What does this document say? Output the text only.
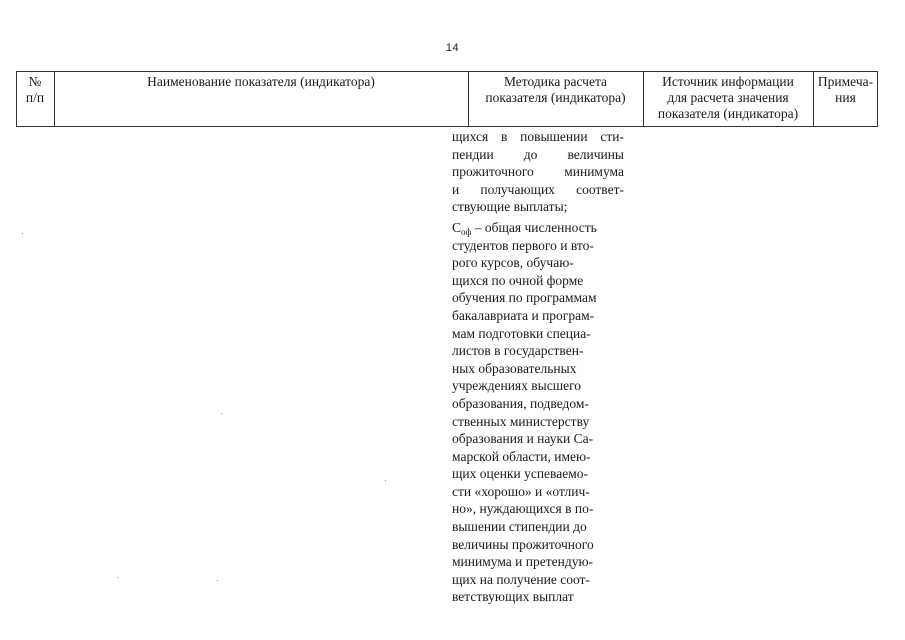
14
№
п/п
Наименование показателя (индикатора)	Методика расчета
показателя (индикатора)
Источник информации
для расчета значения
показателя (индикатора)
Примеча-
ния
щихся в повышении сти-
пендии до величины
прожиточного минимума
и получающих соответ-
ствующие выплаты;
$С_{оф}$ – общая численность
студентов первого и вто-
рого курсов, обучаю-
щихся по очной форме
обучения по программам
бакалавриата и програм-
мам подготовки специа-
листов в государствен-
ных образовательных
учреждениях высшего
образования, подведом-
ственных министерству
образования и науки Са-
марской области, имею-
щих оценки успеваемо-
сти «хорошо» и «отлич-
но», нуждающихся в по-
вышении стипендии до
величины прожиточного
минимума и претендую-
щих на получение соот-
ветствующих выплат
